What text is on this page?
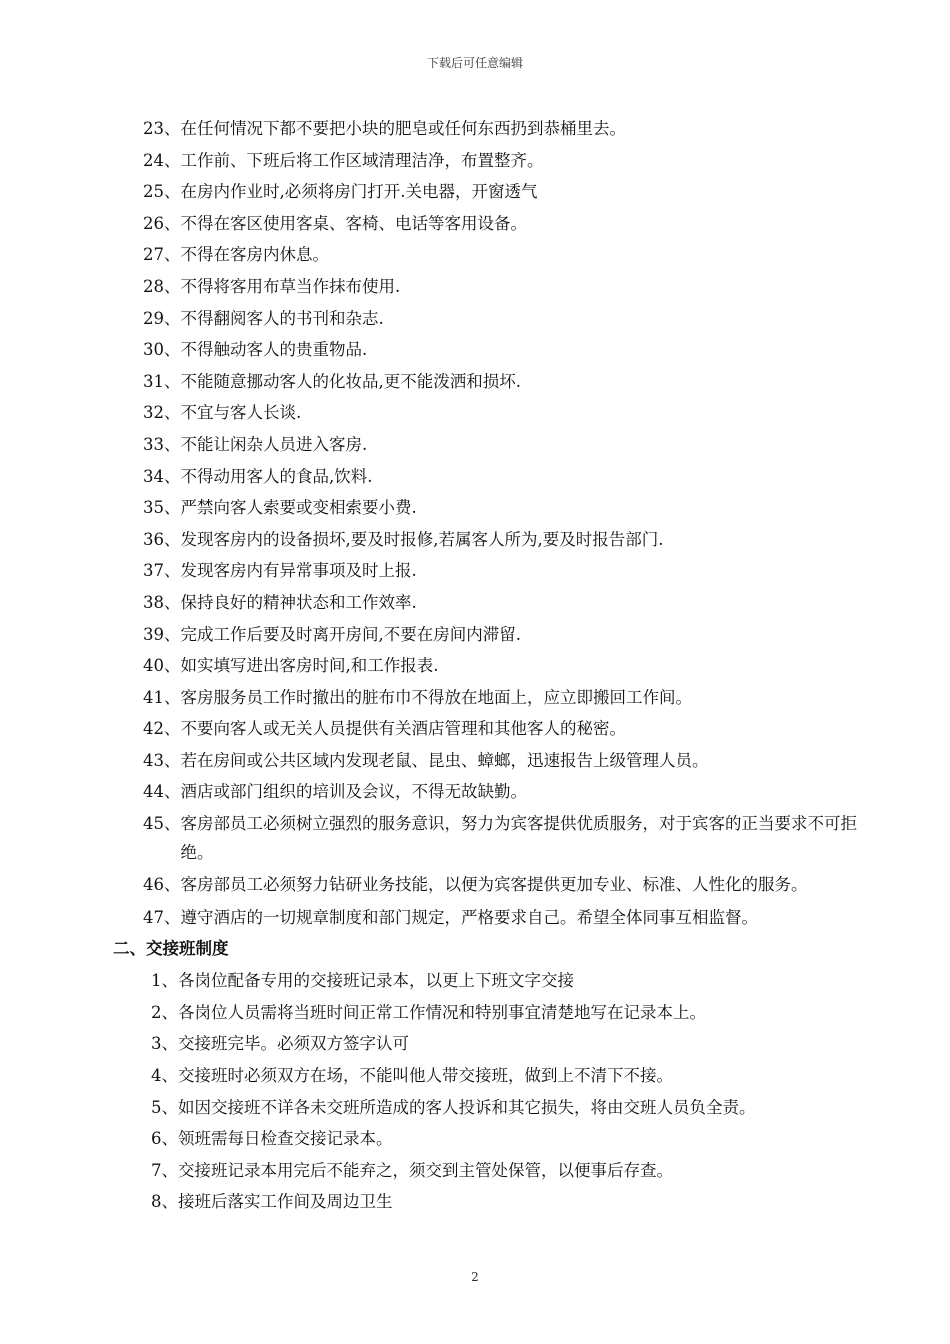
下载后可任意编辑
23、 在任何情况下都不要把小块的肥皂或任何东西扔到恭桶里去。
24、 工作前、下班后将工作区域清理洁净，布置整齐。
25、 在房内作业时,必须将房门打开.关电器，开窗透气
26、 不得在客区使用客桌、客椅、电话等客用设备。
27、 不得在客房内休息。
28、 不得将客用布草当作抹布使用.
29、 不得翻阅客人的书刊和杂志.
30、 不得触动客人的贵重物品.
31、 不能随意挪动客人的化妆品,更不能泼洒和损坏.
32、 不宜与客人长谈.
33、 不能让闲杂人员进入客房.
34、 不得动用客人的食品,饮料.
35、 严禁向客人索要或变相索要小费.
36、 发现客房内的设备损坏,要及时报修,若属客人所为,要及时报告部门.
37、 发现客房内有异常事项及时上报.
38、 保持良好的精神状态和工作效率.
39、 完成工作后要及时离开房间,不要在房间内滞留.
40、 如实填写进出客房时间,和工作报表.
41、 客房服务员工作时撤出的脏布巾不得放在地面上，应立即搬回工作间。
42、 不要向客人或无关人员提供有关酒店管理和其他客人的秘密。
43、 若在房间或公共区域内发现老鼠、昆虫、蟑螂，迅速报告上级管理人员。
44、 酒店或部门组织的培训及会议，不得无故缺勤。
45、 客房部员工必须树立强烈的服务意识，努力为宾客提供优质服务，对于宾客的正当要求不可拒绝。
46、 客房部员工必须努力钻研业务技能，以便为宾客提供更加专业、标准、人性化的服务。
47、 遵守酒店的一切规章制度和部门规定，严格要求自己。希望全体同事互相监督。
二、交接班制度
1、 各岗位配备专用的交接班记录本，以更上下班文字交接
2、 各岗位人员需将当班时间正常工作情况和特别事宜清楚地写在记录本上。
3、 交接班完毕。必须双方签字认可
4、 交接班时必须双方在场，不能叫他人带交接班，做到上不清下不接。
5、 如因交接班不详各未交班所造成的客人投诉和其它损失，将由交班人员负全责。
6、 领班需每日检查交接记录本。
7、 交接班记录本用完后不能弃之，须交到主管处保管，以便事后存查。
8、 接班后落实工作间及周边卫生
2
